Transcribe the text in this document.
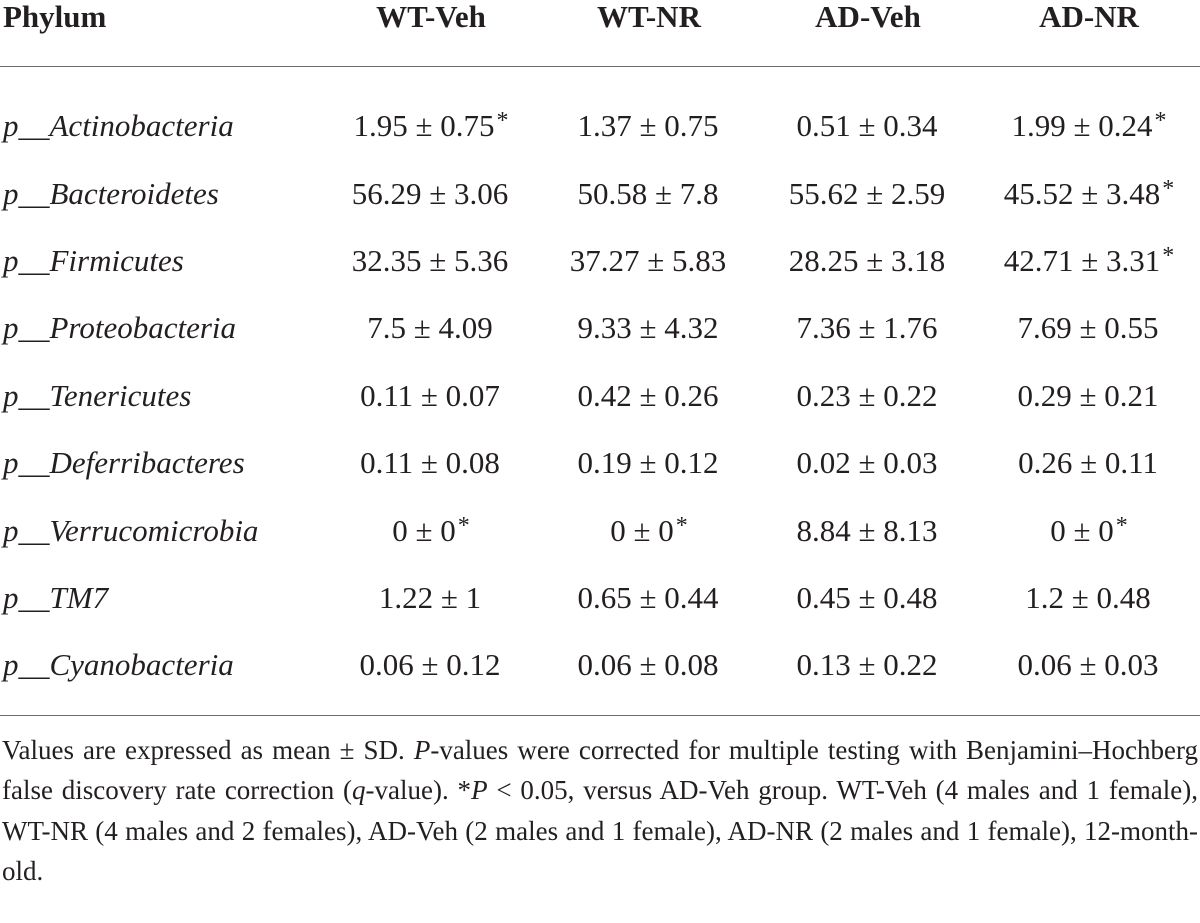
Phylum	WT-Veh	WT-NR	AD-Veh	AD-NR
p__Actinobacteria	1.95 ± 0.75*	1.37 ± 0.75	0.51 ± 0.34	1.99 ± 0.24*
p__Bacteroidetes	56.29 ± 3.06	50.58 ± 7.8	55.62 ± 2.59	45.52 ± 3.48*
p__Firmicutes	32.35 ± 5.36	37.27 ± 5.83	28.25 ± 3.18	42.71 ± 3.31*
p__Proteobacteria	7.5 ± 4.09	9.33 ± 4.32	7.36 ± 1.76	7.69 ± 0.55
p__Tenericutes	0.11 ± 0.07	0.42 ± 0.26	0.23 ± 0.22	0.29 ± 0.21
p__Deferribacteres	0.11 ± 0.08	0.19 ± 0.12	0.02 ± 0.03	0.26 ± 0.11
p__Verrucomicrobia	0 ± 0*	0 ± 0*	8.84 ± 8.13	0 ± 0*
p__TM7	1.22 ± 1	0.65 ± 0.44	0.45 ± 0.48	1.2 ± 0.48
p__Cyanobacteria	0.06 ± 0.12	0.06 ± 0.08	0.13 ± 0.22	0.06 ± 0.03

Values are expressed as mean ± SD. P-values were corrected for multiple testing with Benjamini–Hochberg false discovery rate correction (q-value). *P < 0.05, versus AD-Veh group. WT-Veh (4 males and 1 female), WT-NR (4 males and 2 females), AD-Veh (2 males and 1 female), AD-NR (2 males and 1 female), 12-month-old.
